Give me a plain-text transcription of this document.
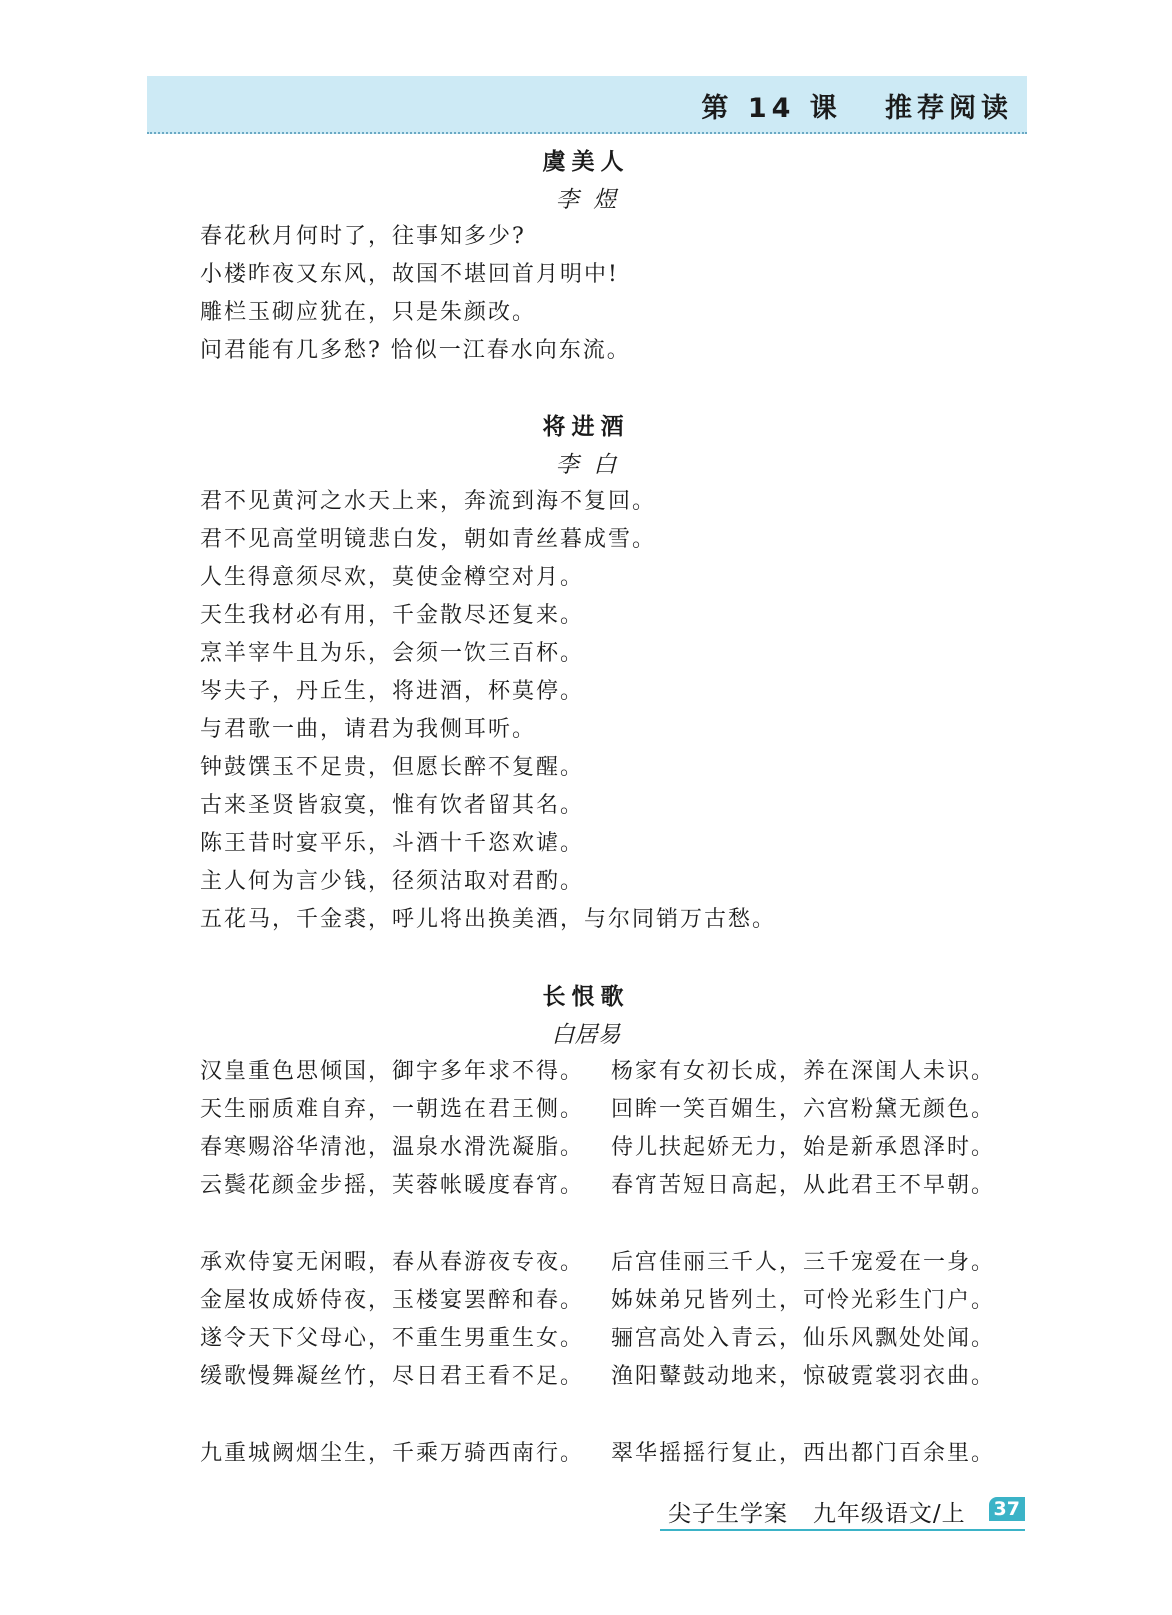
第 14 课   推荐阅读
虞美人
李  煜
春花秋月何时了，往事知多少?
小楼昨夜又东风，故国不堪回首月明中!
雕栏玉砌应犹在，只是朱颜改。
问君能有几多愁? 恰似一江春水向东流。
将进酒
李  白
君不见黄河之水天上来，奔流到海不复回。
君不见高堂明镜悲白发，朝如青丝暮成雪。
人生得意须尽欢，莫使金樽空对月。
天生我材必有用，千金散尽还复来。
烹羊宰牛且为乐，会须一饮三百杯。
岑夫子，丹丘生，将进酒，杯莫停。
与君歌一曲，请君为我侧耳听。
钟鼓馔玉不足贵，但愿长醉不复醒。
古来圣贤皆寂寞，惟有饮者留其名。
陈王昔时宴平乐，斗酒十千恣欢谑。
主人何为言少钱，径须沽取对君酌。
五花马，千金裘，呼儿将出换美酒，与尔同销万古愁。
长恨歌
白居易
汉皇重色思倾国，御宇多年求不得。 杨家有女初长成，养在深闺人未识。
天生丽质难自弃，一朝选在君王侧。 回眸一笑百媚生，六宫粉黛无颜色。
春寒赐浴华清池，温泉水滑洗凝脂。 侍儿扶起娇无力，始是新承恩泽时。
云鬓花颜金步摇，芙蓉帐暖度春宵。 春宵苦短日高起，从此君王不早朝。
承欢侍宴无闲暇，春从春游夜专夜。 后宫佳丽三千人，三千宠爱在一身。
金屋妆成娇侍夜，玉楼宴罢醉和春。 姊妹弟兄皆列土，可怜光彩生门户。
遂令天下父母心，不重生男重生女。 骊宫高处入青云，仙乐风飘处处闻。
缓歌慢舞凝丝竹，尽日君王看不足。 渔阳鼙鼓动地来，惊破霓裳羽衣曲。
九重城阙烟尘生，千乘万骑西南行。 翠华摇摇行复止，西出都门百余里。
尖子生学案   九年级语文/上 37
